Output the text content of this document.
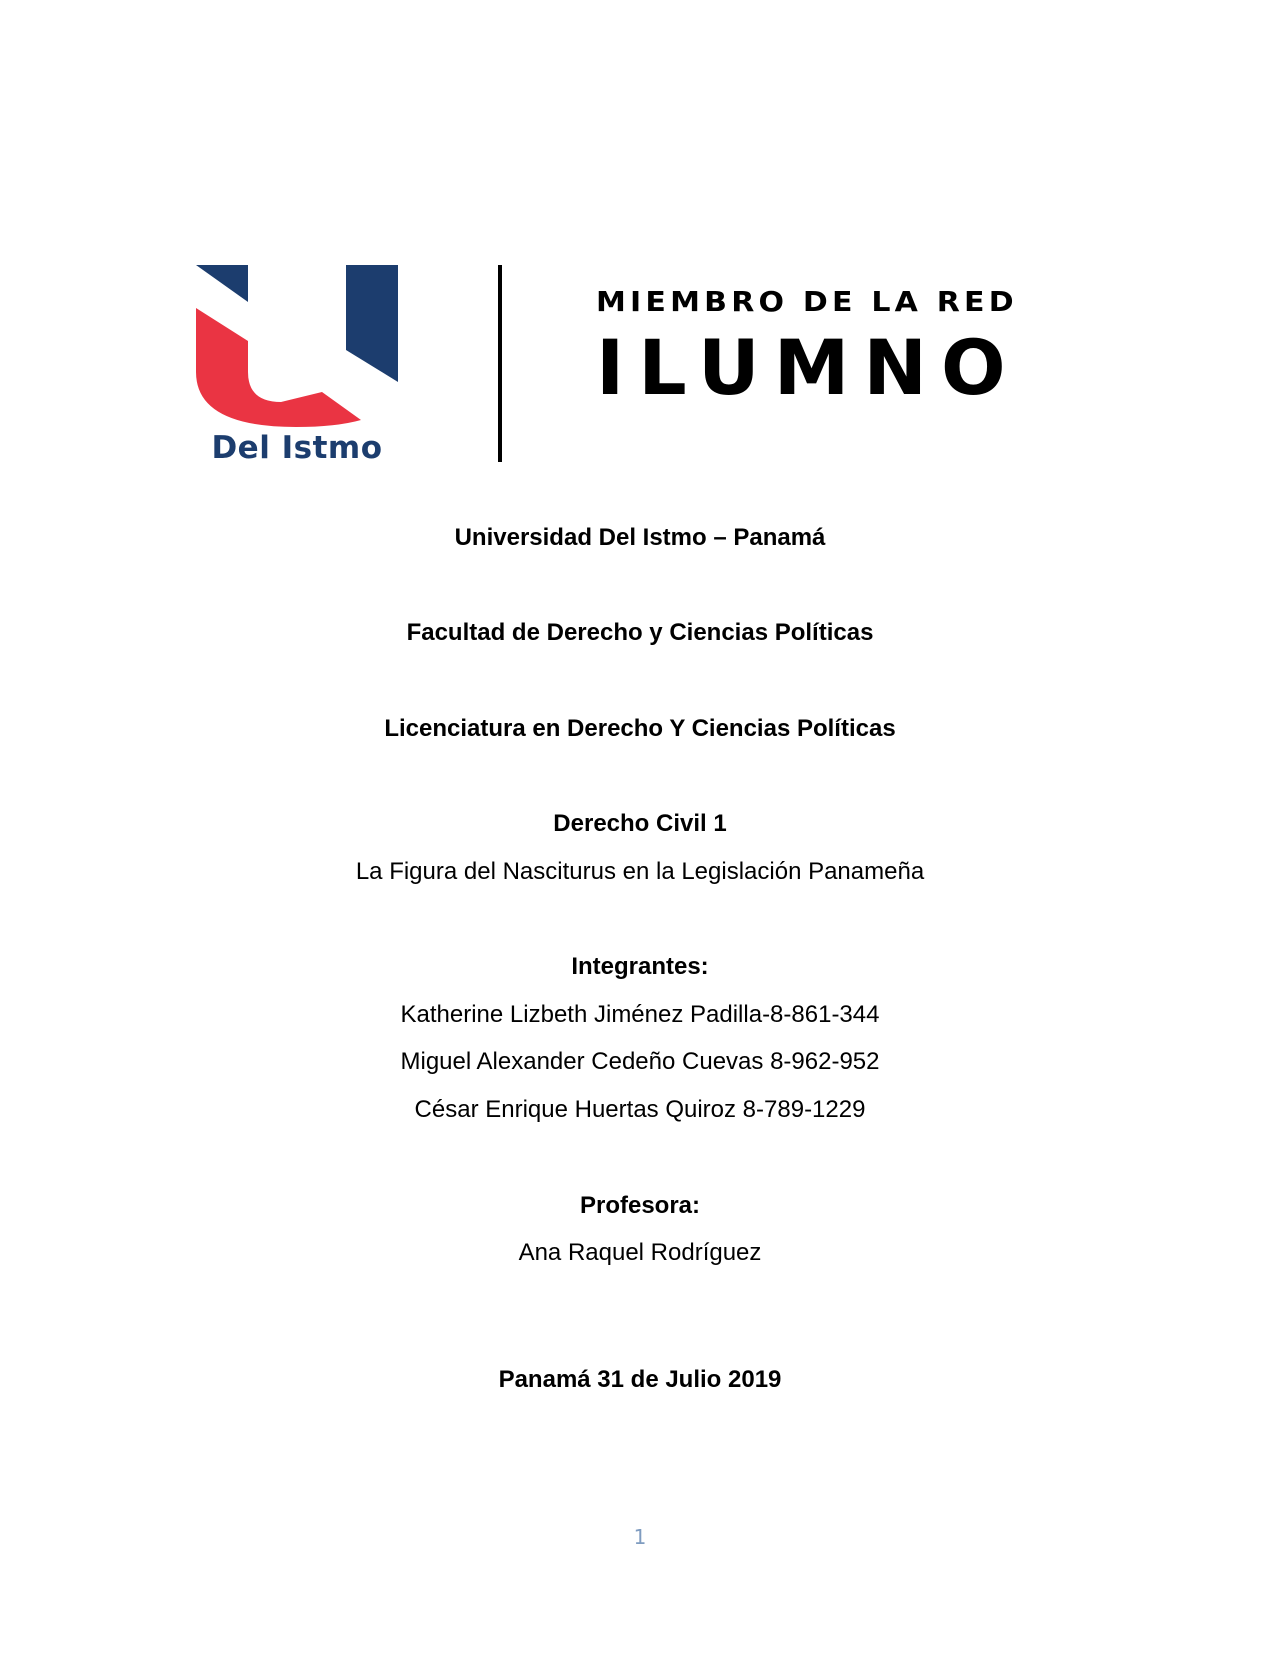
Del Istmo
MIEMBRO DE LA RED
ILUMNO
Universidad Del Istmo – Panamá
Facultad de Derecho y Ciencias Políticas
Licenciatura en Derecho Y Ciencias Políticas
Derecho Civil 1
La Figura del Nasciturus en la Legislación Panameña
Integrantes:
Katherine Lizbeth Jiménez Padilla-8-861-344
Miguel Alexander Cedeño Cuevas 8-962-952
César Enrique Huertas Quiroz 8-789-1229
Profesora:
Ana Raquel Rodríguez
Panamá 31 de Julio 2019
1
